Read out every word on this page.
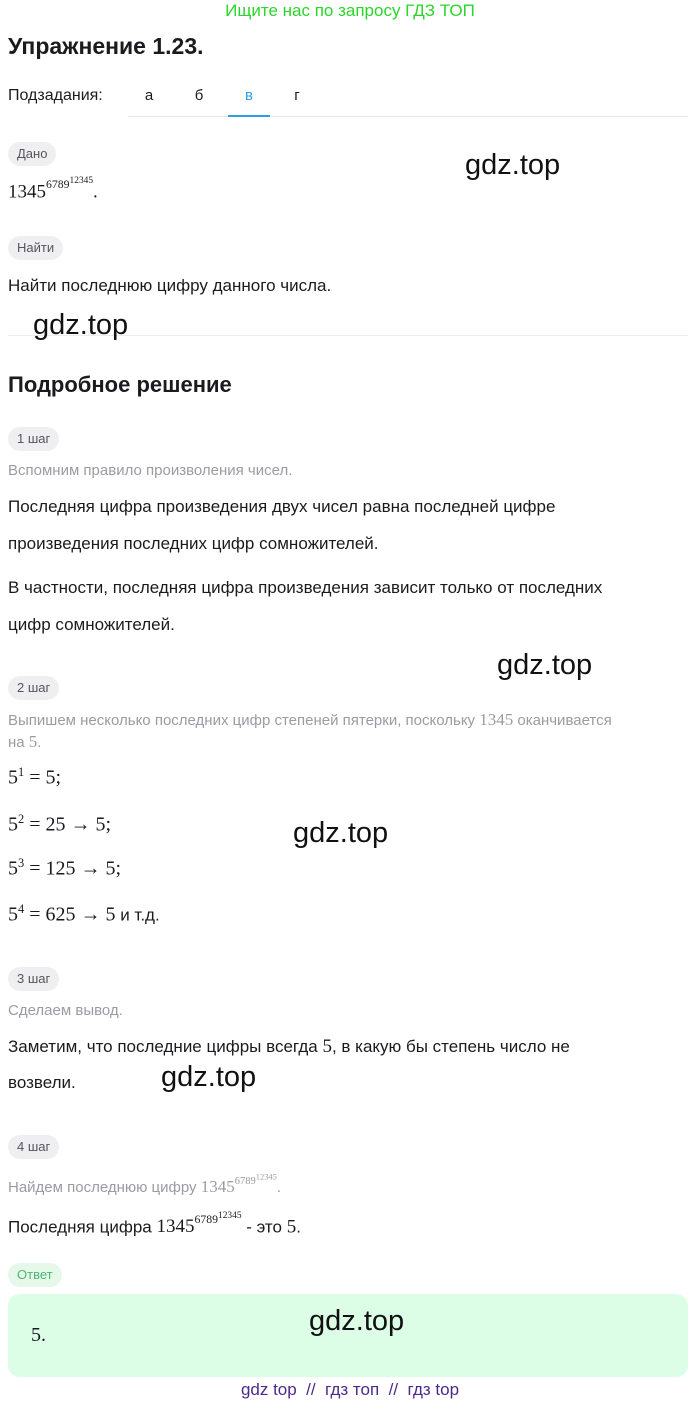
Ищите нас по запросу ГДЗ ТОП
Упражнение 1.23.
Подзадания:	а	б	в	г
Дано
$1345^{6789^{12345}}$.
Найти
Найти последнюю цифру данного числа.
Подробное решение
1 шаг
Вспомним правило произволения чисел.
Последняя цифра произведения двух чисел равна последней цифре
произведения последних цифр сомножителей.
В частности, последняя цифра произведения зависит только от последних
цифр сомножителей.
2 шаг
Выпишем несколько последних цифр степеней пятерки, поскольку 1345 оканчивается
на 5.
$5^1 = 5$;
$5^2 = 25 \to 5$;
$5^3 = 125 \to 5$;
$5^4 = 625 \to 5$ и т.д.
3 шаг
Сделаем вывод.
Заметим, что последние цифры всегда 5, в какую бы степень число не
возвели.
4 шаг
Найдем последнюю цифру $1345^{6789^{12345}}$.
Последняя цифра $1345^{6789^{12345}}$ - это 5.
Ответ
5.
gdz.top
gdz.top
gdz.top
gdz.top
gdz.top
gdz.top
gdz top  //  гдз топ  //  гдз top
